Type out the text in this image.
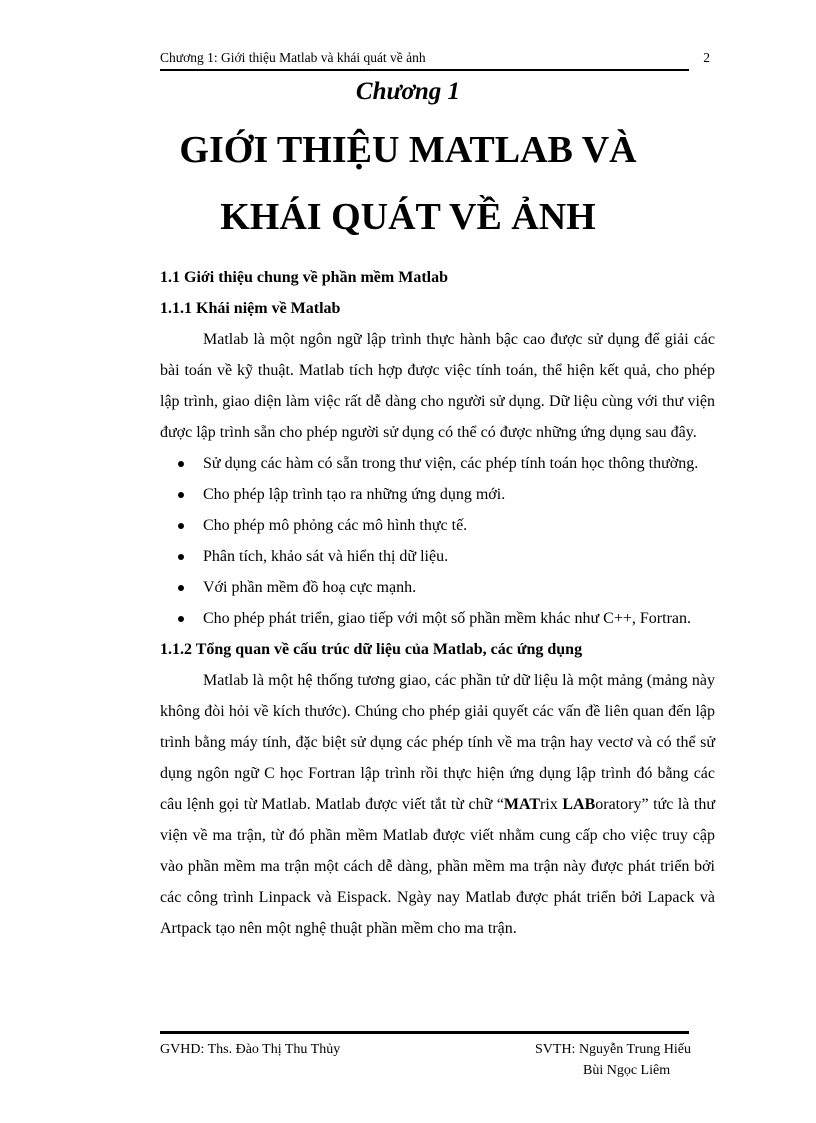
Chương 1: Giới thiệu Matlab và khái quát về ảnh	2
Chương 1
GIỚI THIỆU MATLAB VÀ
KHÁI QUÁT VỀ ẢNH

1.1 Giới thiệu chung về phần mềm Matlab

1.1.1 Khái niệm về Matlab

Matlab là một ngôn ngữ lập trình thực hành bậc cao được sử dụng để giải các bài toán về kỹ thuật. Matlab tích hợp được việc tính toán, thể hiện kết quả, cho phép lập trình, giao diện làm việc rất dễ dàng cho người sử dụng. Dữ liệu cùng với thư viện được lập trình sẵn cho phép người sử dụng có thể có được những ứng dụng sau đây.

Sử dụng các hàm có sẵn trong thư viện, các phép tính toán học thông thường.
Cho phép lập trình tạo ra những ứng dụng mới.
Cho phép mô phỏng các mô hình thực tế.
Phân tích, khảo sát và hiển thị dữ liệu.
Với phần mềm đồ hoạ cực mạnh.
Cho phép phát triển, giao tiếp với một số phần mềm khác như C++, Fortran.

1.1.2 Tổng quan về cấu trúc dữ liệu của Matlab, các ứng dụng

Matlab là một hệ thống tương giao, các phần tử dữ liệu là một mảng (mảng này không đòi hỏi về kích thước). Chúng cho phép giải quyết các vấn đề liên quan đến lập trình bằng máy tính, đặc biệt sử dụng các phép tính về ma trận hay vectơ và có thể sử dụng ngôn ngữ C học Fortran lập trình rồi thực hiện ứng dụng lập trình đó bằng các câu lệnh gọi từ Matlab. Matlab được viết tắt từ chữ “MATrix LABoratory” tức là thư viện về ma trận, từ đó phần mềm Matlab được viết nhằm cung cấp cho việc truy cập vào phần mềm ma trận một cách dễ dàng, phần mềm ma trận này được phát triển bởi các công trình Linpack và Eispack. Ngày nay Matlab được phát triển bởi Lapack và Artpack tạo nên một nghệ thuật phần mềm cho ma trận.

GVHD: Ths. Đào Thị Thu Thủy	SVTH: Nguyễn Trung Hiếu
Bùi Ngọc Liêm
